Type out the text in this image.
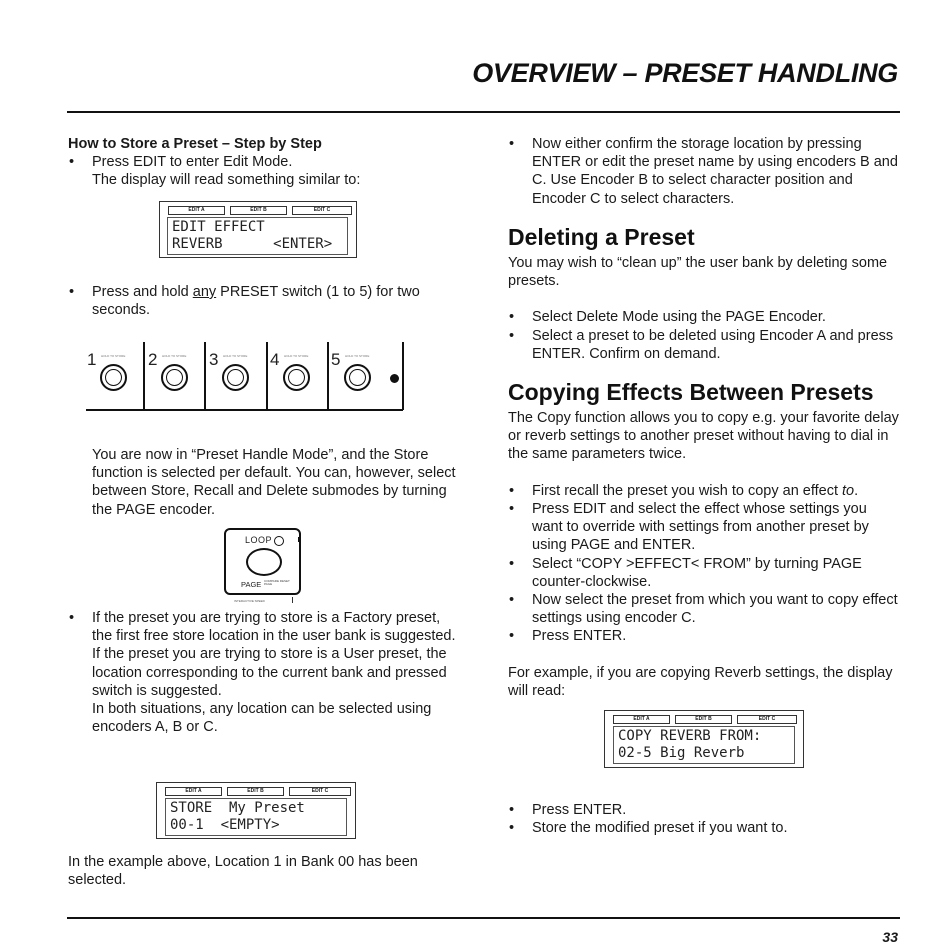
OVERVIEW – PRESET HANDLING

How to Store a Preset – Step by Step

• Press EDIT to enter Edit Mode.

The display will read something similar to:

EDIT A	EDIT B	EDIT C
EDIT EFFECT
REVERB      <ENTER>

• Press and hold any PRESET switch (1 to 5) for two seconds.

1 HOLD TO STORE 2 HOLD TO STORE 3 HOLD TO STORE 4 HOLD TO STORE 5 HOLD TO STORE

You are now in “Preset Handle Mode”, and the Store function is selected per default. You can, however, select between Store, Recall and Delete submodes by turning the PAGE encoder.

LOOP
PAGE COMPARE RESET PAGE
INTERACTIVE SPEED

• If the preset you are trying to store is a Factory preset, the first free store location in the user bank is suggested.

If the preset you are trying to store is a User preset, the location corresponding to the current bank and pressed switch is suggested.

In both situations, any location can be selected using encoders A, B or C.

EDIT A	EDIT B	EDIT C
STORE  My Preset
00-1  <EMPTY>

In the example above, Location 1 in Bank 00 has been selected.

• Now either confirm the storage location by pressing ENTER or edit the preset name by using encoders B and C. Use Encoder B to select character position and Encoder C to select characters.

Deleting a Preset

You may wish to “clean up” the user bank by deleting some presets.

• Select Delete Mode using the PAGE Encoder.

• Select a preset to be deleted using Encoder A and press ENTER. Confirm on demand.

Copying Effects Between Presets

The Copy function allows you to copy e.g. your favorite delay or reverb settings to another preset without having to dial in the same parameters twice.

• First recall the preset you wish to copy an effect to.

• Press EDIT and select the effect whose settings you want to override with settings from another preset by using PAGE and ENTER.

• Select “COPY >EFFECT< FROM” by turning PAGE counter-clockwise.

• Now select the preset from which you want to copy effect settings using encoder C.

• Press ENTER.

For example, if you are copying Reverb settings, the display will read:

EDIT A	EDIT B	EDIT C
COPY REVERB FROM:
02-5 Big Reverb

• Press ENTER.

• Store the modified preset if you want to.

33
